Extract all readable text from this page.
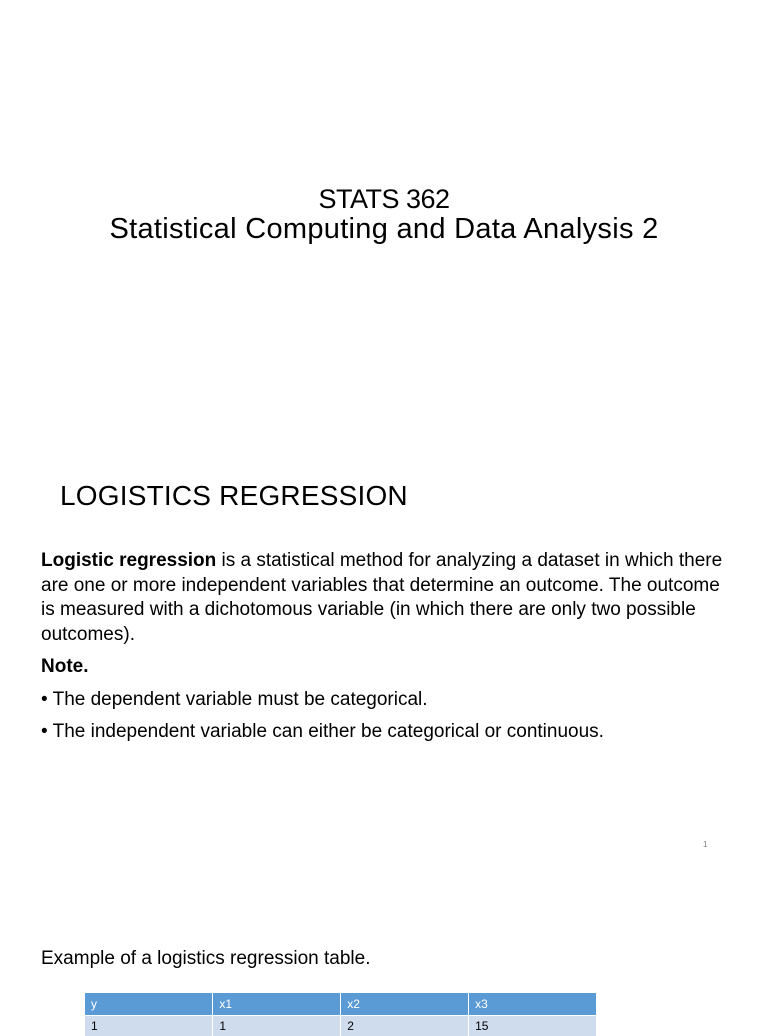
STATS 362
Statistical Computing and Data Analysis 2
LOGISTICS REGRESSION

Logistic regression is a statistical method for analyzing a dataset in which there are one or more independent variables that determine an outcome. The outcome is measured with a dichotomous variable (in which there are only two possible outcomes).

Note.
• The dependent variable must be categorical.
• The independent variable can either be categorical or continuous.
1
Example of a logistics regression table.
y	x1	x2	x3
1	1	2	15
